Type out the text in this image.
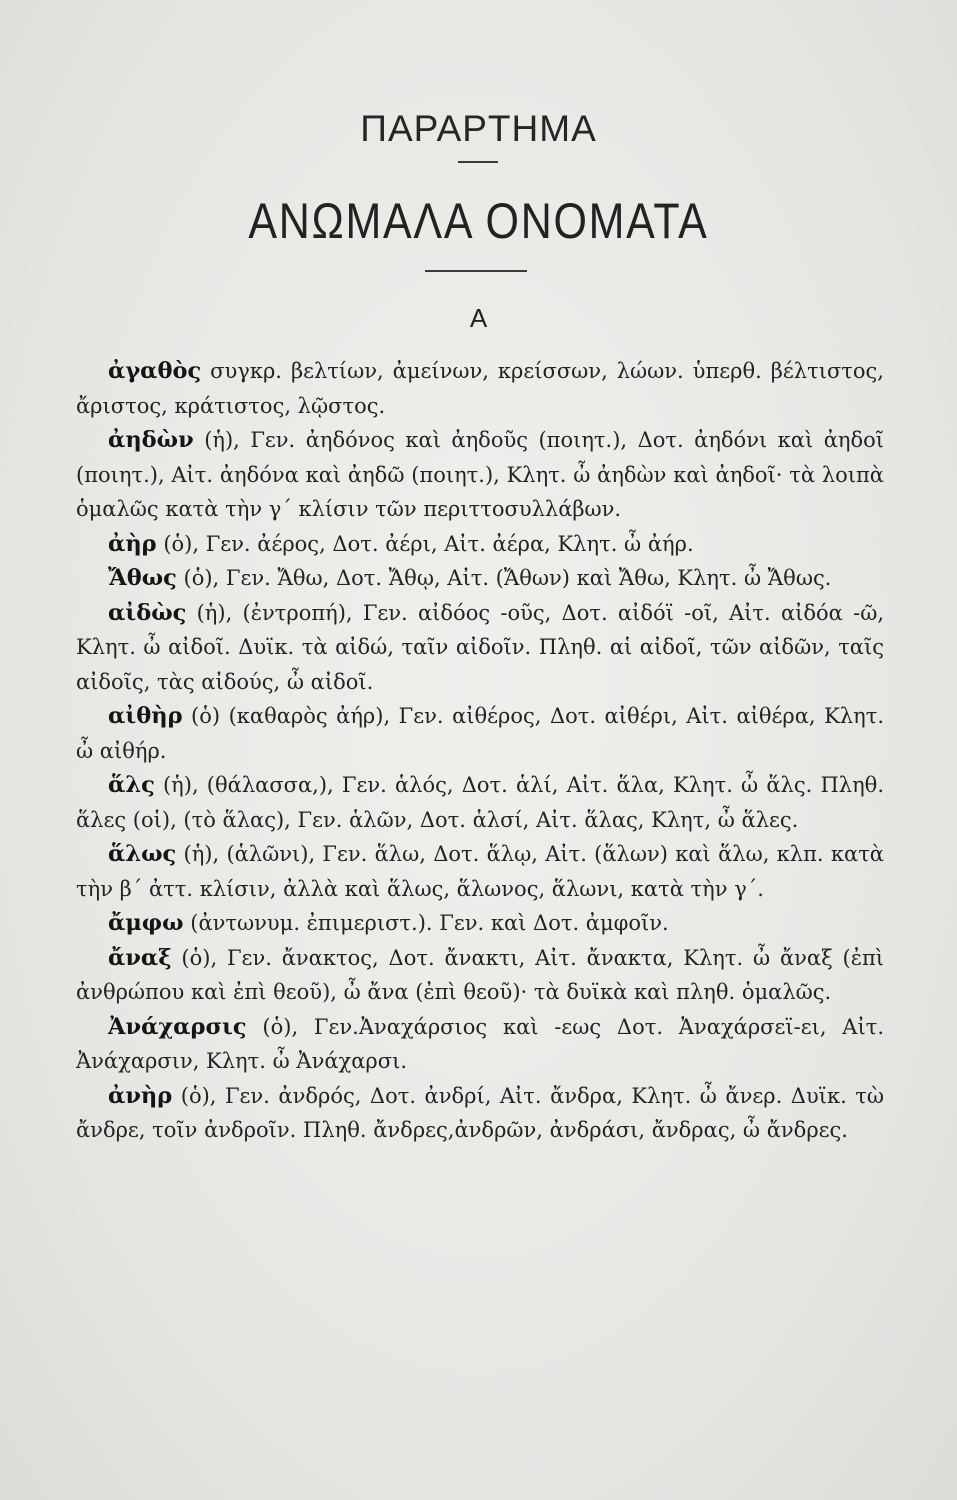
ΠΑΡΑΡΤΗΜΑ
ΑΝΩΜΑΛΑ ΟΝΟΜΑΤΑ
Α

ἀγαθὸς συγκρ. βελτίων, ἀμείνων, κρείσσων, λώων. ὑπερθ. βέλτιστος, ἄριστος, κράτιστος, λῷστος.

ἀηδὼν (ἡ), Γεν. ἀηδόνος καὶ ἀηδοῦς (ποιητ.), Δοτ. ἀηδόνι καὶ ἀηδοῖ (ποιητ.), Αἰτ. ἀηδόνα καὶ ἀηδῶ (ποιητ.), Κλητ. ὦ ἀηδὼν καὶ ἀηδοῖ· τὰ λοιπὰ ὁμαλῶς κατὰ τὴν γ΄ κλίσιν τῶν περιττοσυλλάβων.

ἀὴρ (ὁ), Γεν. ἀέρος, Δοτ. ἀέρι, Αἰτ. ἀέρα, Κλητ. ὦ ἀήρ.

Ἄθως (ὁ), Γεν. Ἄθω, Δοτ. Ἄθῳ, Αἰτ. (Ἄθων) καὶ Ἄθω, Κλητ. ὦ Ἄθως.

αἰδὼς (ἡ), (ἐντροπή), Γεν. αἰδόος -οῦς, Δοτ. αἰδόϊ -οῖ, Αἰτ. αἰδόα -ῶ, Κλητ. ὦ αἰδοῖ. Δυϊκ. τὰ αἰδώ, ταῖν αἰδοῖν. Πληθ. αἱ αἰδοῖ, τῶν αἰδῶν, ταῖς αἰδοῖς, τὰς αἰδούς, ὦ αἰδοῖ.

αἰθὴρ (ὁ) (καθαρὸς ἀήρ), Γεν. αἰθέρος, Δοτ. αἰθέρι, Αἰτ. αἰθέρα, Κλητ. ὦ αἰθήρ.

ἅλς (ἡ), (θάλασσα,), Γεν. ἁλός, Δοτ. ἁλί, Αἰτ. ἅλα, Κλητ. ὦ ἅλς. Πληθ. ἅλες (οἱ), (τὸ ἅλας), Γεν. ἁλῶν, Δοτ. ἁλσί, Αἰτ. ἅλας, Κλητ, ὦ ἅλες.

ἅλως (ἡ), (ἁλῶνι), Γεν. ἅλω, Δοτ. ἅλῳ, Αἰτ. (ἅλων) καὶ ἅλω, κλπ. κατὰ τὴν β΄ ἀττ. κλίσιν, ἀλλὰ καὶ ἅλως, ἅλωνος, ἅλωνι, κατὰ τὴν γ΄.

ἄμφω (ἀντωνυμ. ἐπιμεριστ.). Γεν. καὶ Δοτ. ἀμφοῖν.

ἄναξ (ὁ), Γεν. ἄνακτος, Δοτ. ἄνακτι, Αἰτ. ἄνακτα, Κλητ. ὦ ἄναξ (ἐπὶ ἀνθρώπου καὶ ἐπὶ θεοῦ), ὦ ἄνα (ἐπὶ θεοῦ)· τὰ δυϊκὰ καὶ πληθ. ὁμαλῶς.

Ἀνάχαρσις (ὁ), Γεν.Ἀναχάρσιος καὶ -εως Δοτ. Ἀναχάρσεϊ-ει, Αἰτ. Ἀνάχαρσιν, Κλητ. ὦ Ἀνάχαρσι.

ἀνὴρ (ὁ), Γεν. ἀνδρός, Δοτ. ἀνδρί, Αἰτ. ἄνδρα, Κλητ. ὦ ἄνερ. Δυϊκ. τὼ ἄνδρε, τοῖν ἀνδροῖν. Πληθ. ἄνδρες,ἀνδρῶν, ἀνδράσι, ἄνδρας, ὦ ἄνδρες.
